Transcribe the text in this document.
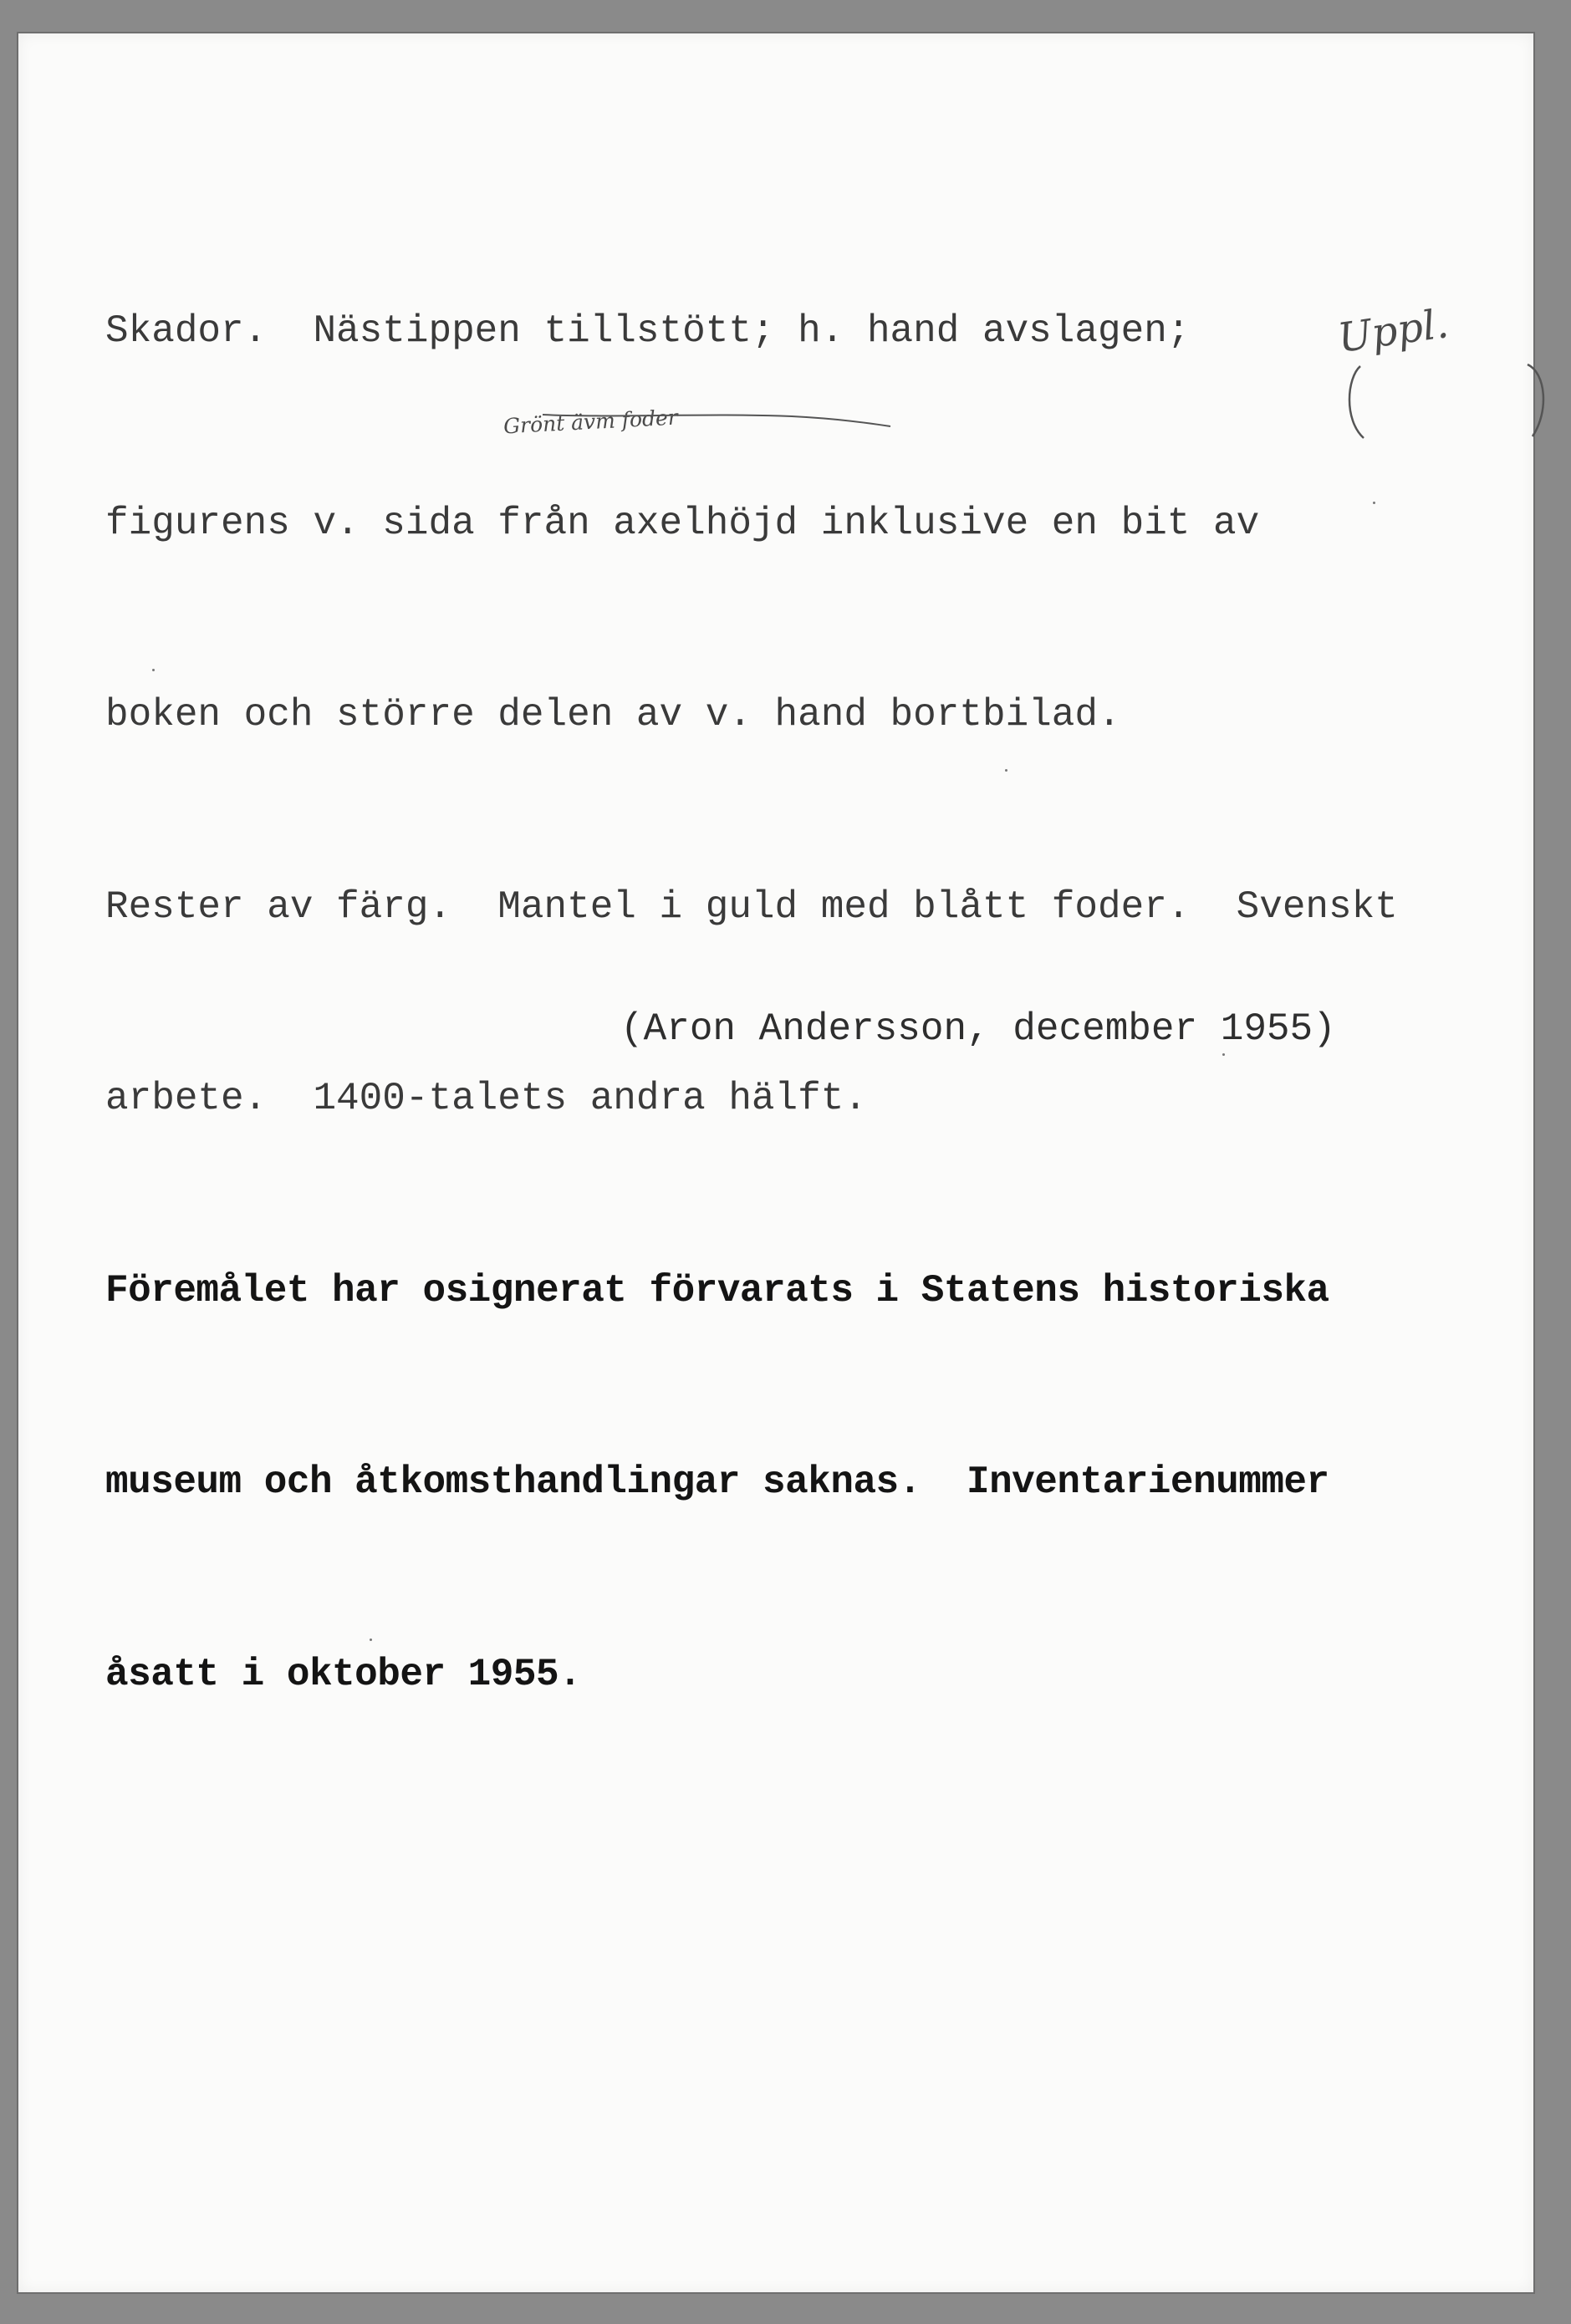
Skador.  Nästippen tillstött; h. hand avslagen;

figurens v. sida från axelhöjd inklusive en bit av

boken och större delen av v. hand bortbilad.

Rester av färg.  Mantel i guld med blått foder.  Svenskt

arbete.  1400-talets andra hälft.

Föremålet har osignerat förvarats i Statens historiska

museum och åtkomsthandlingar saknas.  Inventarienummer

åsatt i oktober 1955.

(Aron Andersson, december 1955)
Uppl.
Grönt ävm foder
